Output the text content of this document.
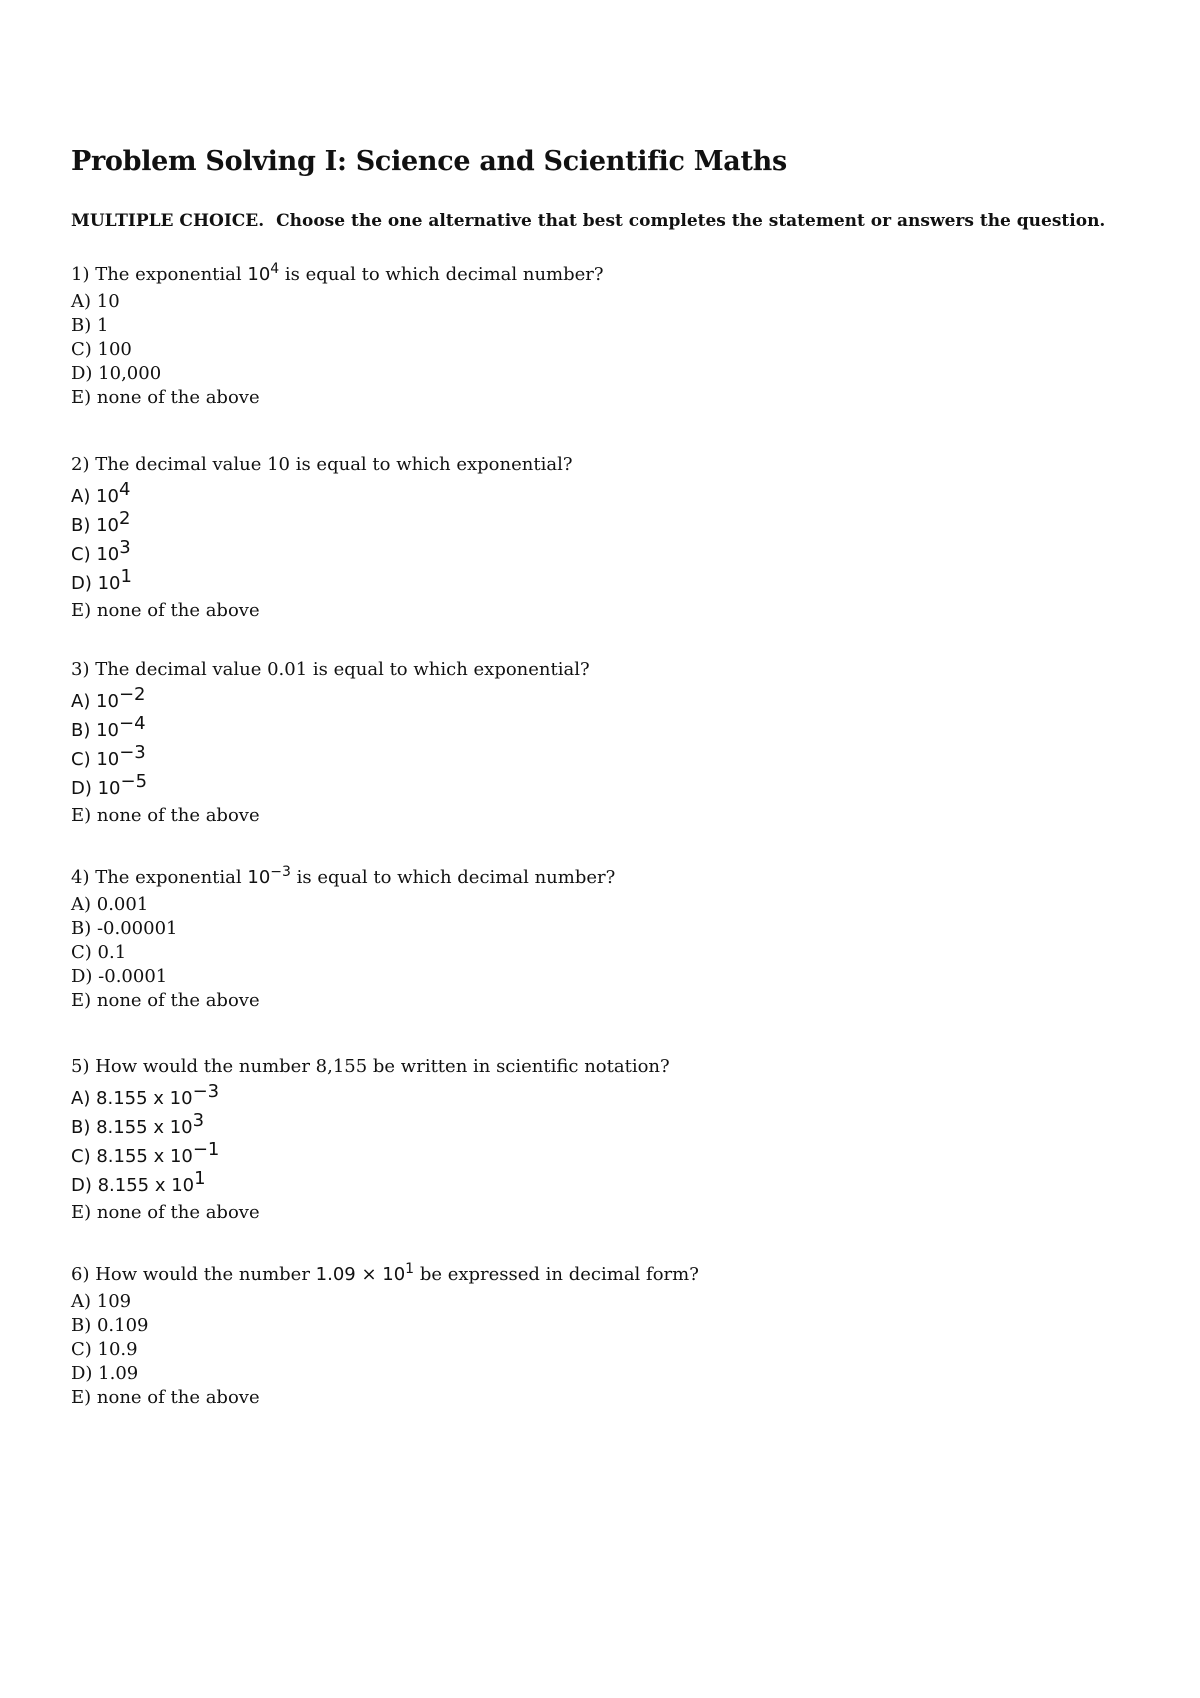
Problem Solving I: Science and Scientific Maths

MULTIPLE CHOICE. Choose the one alternative that best completes the statement or answers the question.

1) The exponential $10^4$ is equal to which decimal number?
A) 10
B) 1
C) 100
D) 10,000
E) none of the above
2) The decimal value 10 is equal to which exponential?
A) $10^4$
B) $10^2$
C) $10^3$
D) $10^1$
E) none of the above
3) The decimal value 0.01 is equal to which exponential?
A) $10^{-2}$
B) $10^{-4}$
C) $10^{-3}$
D) $10^{-5}$
E) none of the above
4) The exponential $10^{-3}$ is equal to which decimal number?
A) 0.001
B) -0.00001
C) 0.1
D) -0.0001
E) none of the above
5) How would the number 8,155 be written in scientific notation?
A) 8.155 x $10^{-3}$
B) 8.155 x $10^3$
C) 8.155 x $10^{-1}$
D) 8.155 x $10^1$
E) none of the above
6) How would the number $1.09 \times 10^1$ be expressed in decimal form?
A) 109
B) 0.109
C) 10.9
D) 1.09
E) none of the above
